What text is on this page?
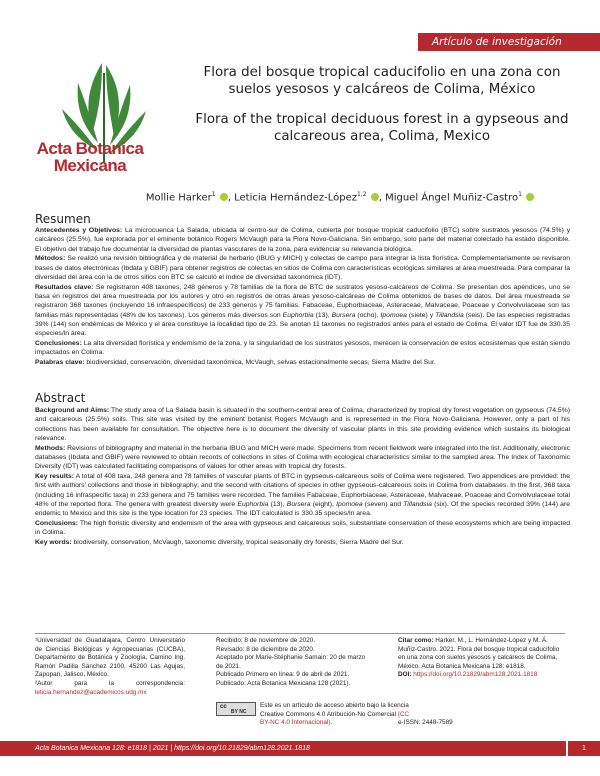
Artículo de investigación
Acta Botanica
Mexicana
Flora del bosque tropical caducifolio en una zona con suelos yesosos y calcáreos de Colima, México
Flora of the tropical deciduous forest in a gypseous and calcareous area, Colima, Mexico
Mollie Harker$^1$ , Leticia Hernández-López$^{1,2}$ , Miguel Ángel Muñiz-Castro$^1$
Resumen

Antecedentes y Objetivos: La microcuenca La Salada, ubicada al centro-sur de Colima, cubierta por bosque tropical caducifolio (BTC) sobre sustratos yesosos (74.5%) y calcáreos (25.5%), fue explorada por el eminente botánico Rogers McVaugh para la Flora Novo-Galiciana. Sin embargo, solo parte del material colectado ha estado disponible. El objetivo del trabajo fue documentar la diversidad de plantas vasculares de la zona, para evidenciar su relevancia biológica.

Métodos: Se realizó una revisión bibliográfica y de material de herbario (IBUG y MICH) y colectas de campo para integrar la lista florística. Complementariamente se revisaron bases de datos electrónicas (Ibdata y GBIF) para obtener registros de colectas en sitios de Colima con características ecológicas similares al área muestreada. Para comparar la diversidad del área con la de otros sitios con BTC se calculó el índice de diversidad taxonómica (IDT).

Resultados clave: Se registraron 408 taxones, 248 géneros y 78 familias de la flora de BTC de sustratos yesoso-calcáreos de Colima. Se presentan dos apéndices, uno se basa en registros del área muestreada por los autores y otro en registros de otras áreas yesoso-calcáreas de Colima obtenidos de bases de datos. Del área muestreada se registraron 368 taxones (incluyendo 16 infraespecíficos) de 233 géneros y 75 familias. Fabaceae, Euphorbiaceae, Asteraceae, Malvaceae, Poaceae y Convolvulaceae son las familias más representadas (48% de los taxones). Los géneros más diversos son Euphorbia (13), Bursera (ocho), Ipomoea (siete) y Tillandsia (seis). De las especies registradas 39% (144) son endémicas de México y el área constituye la localidad tipo de 23. Se anotan 11 taxones no registrados antes para el estado de Colima. El valor IDT fue de 330.35 especies/ln área.

Conclusiones: La alta diversidad florística y endemismo de la zona, y la singularidad de los sustratos yesosos, merecen la conservación de estos ecosistemas que están siendo impactados en Colima.

Palabras clave: biodiversidad, conservación, diversidad taxonómica, McVaugh, selvas estacionalmente secas, Sierra Madre del Sur.

Abstract

Background and Aims: The study area of La Salada basin is situated in the southern-central area of Colima, characterized by tropical dry forest vegetation on gypseous (74.5%) and calcareous (25.5%) soils. This site was visited by the eminent botanist Rogers McVaugh and is represented in the Flora Novo-Galiciana. However, only a part of his collections has been available for consultation. The objective here is to document the diversity of vascular plants in this site providing evidence which sustains its biological relevance.

Methods: Revisions of bibliography and material in the herbaria IBUG and MICH were made. Specimens from recent fieldwork were integrated into the list. Additionally, electronic databases (Ibdata and GBIF) were reviewed to obtain records of collections in sites of Colima with ecological characteristics similar to the sampled area. The Index of Taxonomic Diversity (IDT) was calculated facilitating comparisons of values for other areas with tropical dry forests.

Key results: A total of 408 taxa, 248 genera and 78 families of vascular plants of BTC in gypseous-calcareous soils of Colima were registered. Two appendices are provided: the first with authors’ collections and those in bibliography; and the second with citations of species in other gypseous-calcareous soils in Colima from databases. In the first, 368 taxa (including 16 infraspecific taxa) in 233 genera and 75 families were recorded. The families Fabaceae, Euphorbiaceae, Asteraceae, Malvaceae, Poaceae and Convolvulaceae total 48% of the reported flora. The genera with greatest diversity were Euphorbia (13), Bursera (eight), Ipomoea (seven) and Tillandsia (six). Of the species recorded 39% (144) are endemic to Mexico and this site is the type location for 23 species. The IDT calculated is 330.35 species/ln area.

Conclusions: The high floristic diversity and endemism of the area with gypseous and calcareous soils, substantiate conservation of these ecosystems which are being impacted in Colima.

Key words: biodiversity, conservation, McVaugh, taxonomic diversity, tropical seasonally dry forests, Sierra Madre del Sur.

¹Universidad de Guadalajara, Centro Universitario de Ciencias Biológicas y Agropecuarias (CUCBA), Departamento de Botánica y Zoología, Camino Ing. Ramón Padilla Sánchez 2100, 45200 Las Agujas, Zapopan, Jalisco, México.
²Autor para la correspondencia: leticia.hernandez@academicos.udg.mx
Recibido: 8 de noviembre de 2020.
Revisado: 8 de diciembre de 2020.
Aceptado por Marie-Stéphanie Samain: 20 de marzo de 2021.
Publicado Primero en línea: 9 de abril de 2021.
Publicado: Acta Botanica Mexicana 128 (2021).
Citar como: Harker, M., L. Hernández-López y M. Á. Muñiz-Castro. 2021. Flora del bosque tropical caducifolio en una zona con suelos yesosos y calcáreos de Colima, México. Acta Botanica Mexicana 128: e1818.
DOI: https://doi.org/10.21829/abm128.2021.1818
cc
BY NC
Este es un artículo de acceso abierto bajo la licencia Creative Commons 4.0 Atribución-No Comercial (CC BY-NC 4.0 Internacional).	e-ISSN: 2448-7589
Acta Botanica Mexicana 128: e1818 | 2021 | https://doi.org/10.21829/abm128.2021.1818	1
